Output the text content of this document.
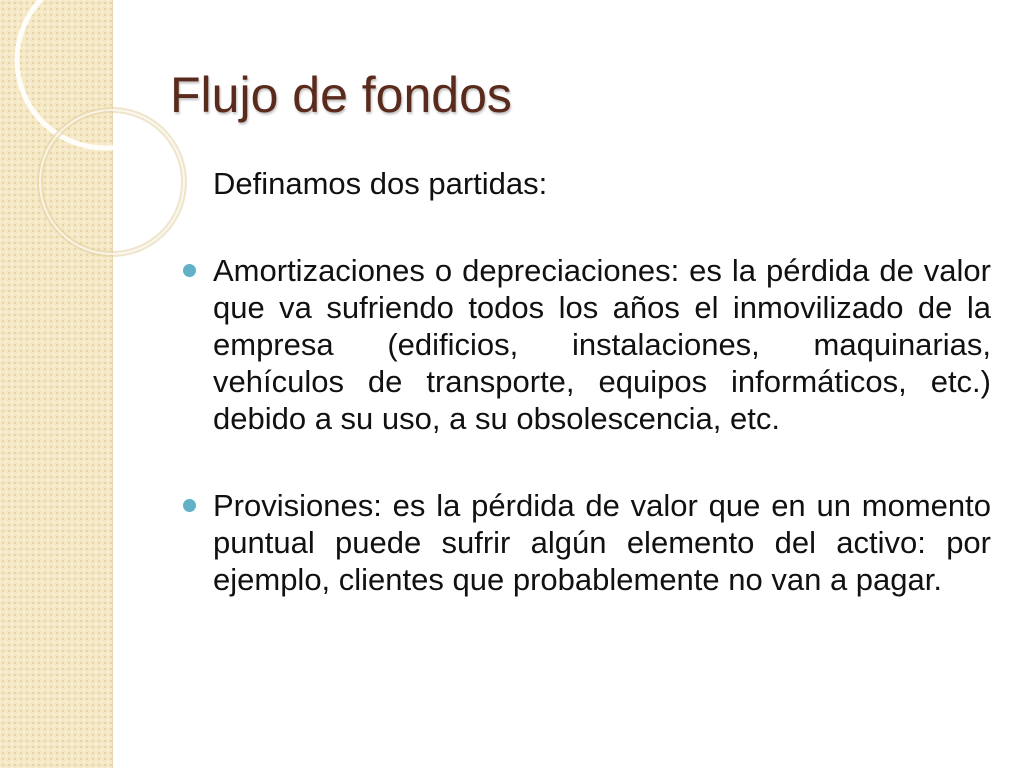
Flujo de fondos

Definamos dos partidas:

Amortizaciones o depreciaciones: es la pérdida de valor que va sufriendo todos los años el inmovilizado de la empresa (edificios, instalaciones, maquinarias, vehículos de transporte, equipos informáticos, etc.) debido a su uso, a su obsolescencia, etc.
Provisiones: es la pérdida de valor que en un momento puntual puede sufrir algún elemento del activo: por ejemplo, clientes que probablemente no van a pagar.
